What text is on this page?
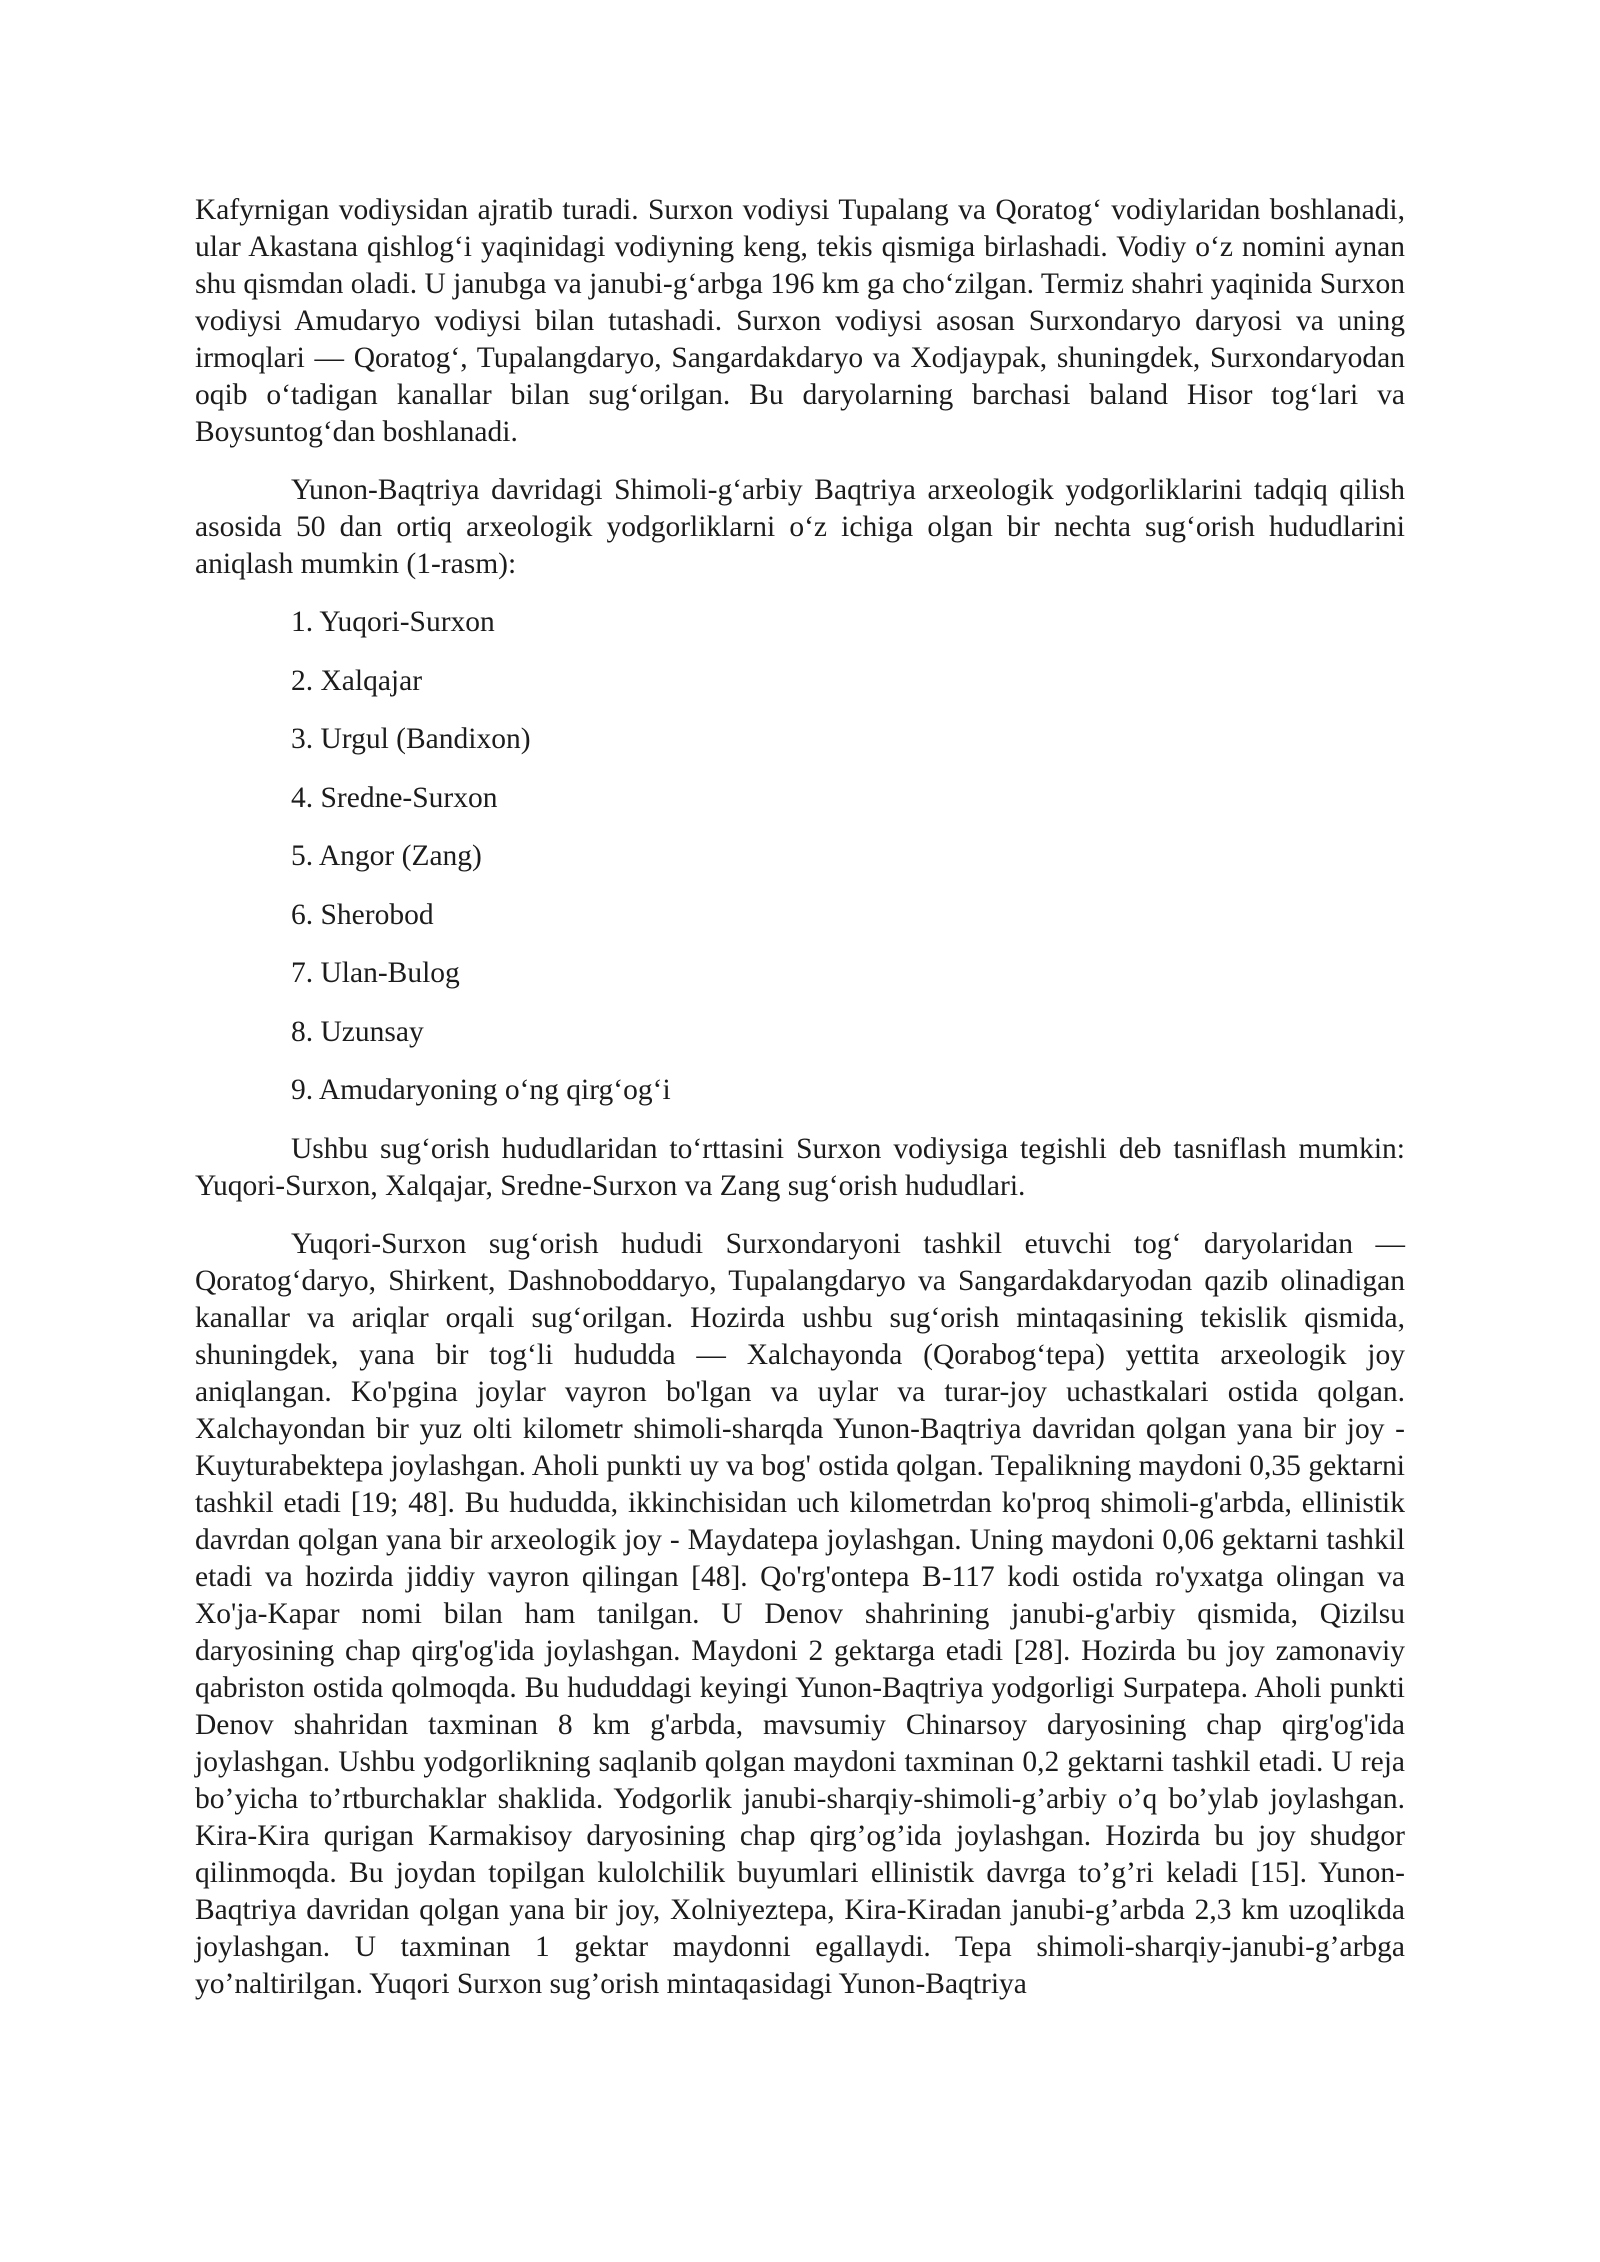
Kafyrnigan vodiysidan ajratib turadi. Surxon vodiysi Tupalang va Qoratog‘ vodiylaridan boshlanadi, ular Akastana qishlog‘i yaqinidagi vodiyning keng, tekis qismiga birlashadi. Vodiy o‘z nomini aynan shu qismdan oladi. U janubga va janubi-g‘arbga 196 km ga cho‘zilgan. Termiz shahri yaqinida Surxon vodiysi Amudaryo vodiysi bilan tutashadi. Surxon vodiysi asosan Surxondaryo daryosi va uning irmoqlari — Qoratog‘, Tupalangdaryo, Sangardakdaryo va Xodjaypak, shuningdek, Surxondaryodan oqib o‘tadigan kanallar bilan sug‘orilgan. Bu daryolarning barchasi baland Hisor tog‘lari va Boysuntog‘dan boshlanadi.

Yunon-Baqtriya davridagi Shimoli-g‘arbiy Baqtriya arxeologik yodgorliklarini tadqiq qilish asosida 50 dan ortiq arxeologik yodgorliklarni o‘z ichiga olgan bir nechta sug‘orish hududlarini aniqlash mumkin (1-rasm):

1. Yuqori-Surxon
2. Xalqajar
3. Urgul (Bandixon)
4. Sredne-Surxon
5. Angor (Zang)
6. Sherobod
7. Ulan-Bulog
8. Uzunsay
9. Amudaryoning o‘ng qirg‘og‘i

Ushbu sug‘orish hududlaridan to‘rttasini Surxon vodiysiga tegishli deb tasniflash mumkin: Yuqori-Surxon, Xalqajar, Sredne-Surxon va Zang sug‘orish hududlari.

Yuqori-Surxon sug‘orish hududi Surxondaryoni tashkil etuvchi tog‘ daryolaridan — Qoratog‘daryo, Shirkent, Dashnoboddaryo, Tupalangdaryo va Sangardakdaryodan qazib olinadigan kanallar va ariqlar orqali sug‘orilgan. Hozirda ushbu sug‘orish mintaqasining tekislik qismida, shuningdek, yana bir tog‘li hududda — Xalchayonda (Qorabog‘tepa) yettita arxeologik joy aniqlangan. Ko'pgina joylar vayron bo'lgan va uylar va turar-joy uchastkalari ostida qolgan. Xalchayondan bir yuz olti kilometr shimoli-sharqda Yunon-Baqtriya davridan qolgan yana bir joy - Kuyturabektepa joylashgan. Aholi punkti uy va bog' ostida qolgan. Tepalikning maydoni 0,35 gektarni tashkil etadi [19; 48]. Bu hududda, ikkinchisidan uch kilometrdan ko'proq shimoli-g'arbda, ellinistik davrdan qolgan yana bir arxeologik joy - Maydatepa joylashgan. Uning maydoni 0,06 gektarni tashkil etadi va hozirda jiddiy vayron qilingan [48]. Qo'rg'ontepa B-117 kodi ostida ro'yxatga olingan va Xo'ja-Kapar nomi bilan ham tanilgan. U Denov shahrining janubi-g'arbiy qismida, Qizilsu daryosining chap qirg'og'ida joylashgan. Maydoni 2 gektarga etadi [28]. Hozirda bu joy zamonaviy qabriston ostida qolmoqda. Bu hududdagi keyingi Yunon-Baqtriya yodgorligi Surpatepa. Aholi punkti Denov shahridan taxminan 8 km g'arbda, mavsumiy Chinarsoy daryosining chap qirg'og'ida joylashgan. Ushbu yodgorlikning saqlanib qolgan maydoni taxminan 0,2 gektarni tashkil etadi. U reja bo’yicha to’rtburchaklar shaklida. Yodgorlik janubi-sharqiy-shimoli-g’arbiy o’q bo’ylab joylashgan. Kira-Kira qurigan Karmakisoy daryosining chap qirg’og’ida joylashgan. Hozirda bu joy shudgor qilinmoqda. Bu joydan topilgan kulolchilik buyumlari ellinistik davrga to’g’ri keladi [15]. Yunon-Baqtriya davridan qolgan yana bir joy, Xolniyeztepa, Kira-Kiradan janubi-g’arbda 2,3 km uzoqlikda joylashgan. U taxminan 1 gektar maydonni egallaydi. Tepa shimoli-sharqiy-janubi-g’arbga yo’naltirilgan. Yuqori Surxon sug’orish mintaqasidagi Yunon-Baqtriya
